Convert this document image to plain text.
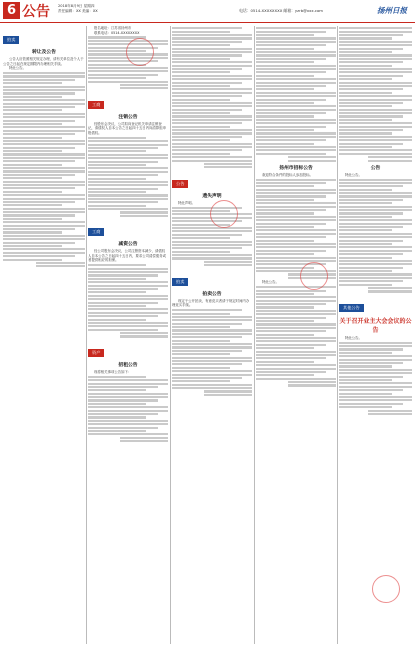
6 公告 2018年8月9日 星期四
责任编辑：XX 美编：XX	电话：0514-XXXXXXXX 邮箱：yzrb@xxx.com	扬州日报
拍卖
转让及公告

公告人应依照相关规定办理，请有关单位及个人于公告之日起在规定期限内办理相关手续。

特此公告。

报名地址：江苏省扬州市

联系电话：0514-XXXXXXXX

工商
注销公告

经股东会决议，公司拟向登记机关申请注销登记，请债权人自本公告之日起四十五日内向清算组申报债权。

工商
减资公告

经公司股东会决议，公司注册资本减少，请债权人自本公告之日起四十五日内，要求公司清偿债务或者提供相应的担保。

资产
招租公告

现将相关事项公告如下：

公告
遗失声明

特此声明。

拍卖
拍卖公告

现定于公开拍卖，有意竞买者请于规定时间内办理竞买手续。

扬州市招标公告

欢迎符合条件的投标人参加投标。

特此公告。

公告

特此公告。

其他公告
关于召开业主大会会议的公告

特此公告。
